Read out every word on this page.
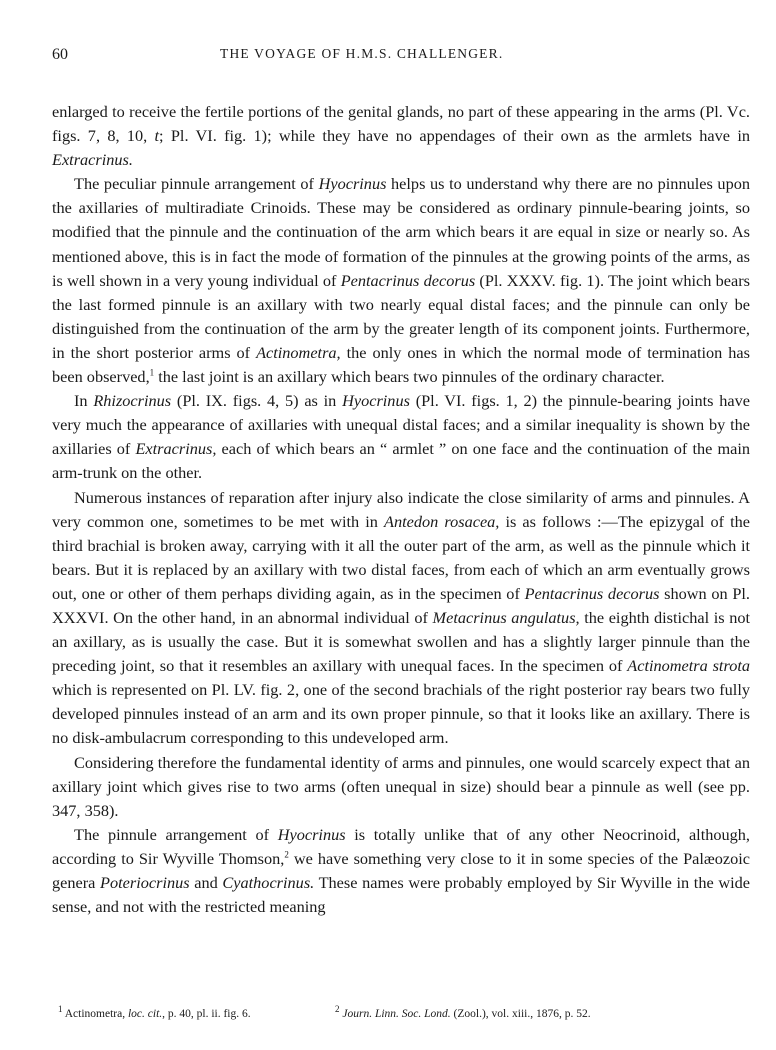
60	THE VOYAGE OF H.M.S. CHALLENGER.

enlarged to receive the fertile portions of the genital glands, no part of these appearing in the arms (Pl. Vc. figs. 7, 8, 10, t; Pl. VI. fig. 1); while they have no appendages of their own as the armlets have in Extracrinus.

The peculiar pinnule arrangement of Hyocrinus helps us to understand why there are no pinnules upon the axillaries of multiradiate Crinoids. These may be considered as ordinary pinnule-bearing joints, so modified that the pinnule and the continuation of the arm which bears it are equal in size or nearly so. As mentioned above, this is in fact the mode of formation of the pinnules at the growing points of the arms, as is well shown in a very young individual of Pentacrinus decorus (Pl. XXXV. fig. 1). The joint which bears the last formed pinnule is an axillary with two nearly equal distal faces; and the pinnule can only be distinguished from the continuation of the arm by the greater length of its component joints. Furthermore, in the short posterior arms of Actinometra, the only ones in which the normal mode of termination has been observed,$^1$ the last joint is an axillary which bears two pinnules of the ordinary character.

In Rhizocrinus (Pl. IX. figs. 4, 5) as in Hyocrinus (Pl. VI. figs. 1, 2) the pinnule-bearing joints have very much the appearance of axillaries with unequal distal faces; and a similar inequality is shown by the axillaries of Extracrinus, each of which bears an “ armlet ” on one face and the continuation of the main arm-trunk on the other.

Numerous instances of reparation after injury also indicate the close similarity of arms and pinnules. A very common one, sometimes to be met with in Antedon rosacea, is as follows :—The epizygal of the third brachial is broken away, carrying with it all the outer part of the arm, as well as the pinnule which it bears. But it is replaced by an axillary with two distal faces, from each of which an arm eventually grows out, one or other of them perhaps dividing again, as in the specimen of Pentacrinus decorus shown on Pl. XXXVI. On the other hand, in an abnormal individual of Metacrinus angulatus, the eighth distichal is not an axillary, as is usually the case. But it is somewhat swollen and has a slightly larger pinnule than the preceding joint, so that it resembles an axillary with unequal faces. In the specimen of Actinometra strota which is represented on Pl. LV. fig. 2, one of the second brachials of the right posterior ray bears two fully developed pinnules instead of an arm and its own proper pinnule, so that it looks like an axillary. There is no disk-ambulacrum corresponding to this undeveloped arm.

Considering therefore the fundamental identity of arms and pinnules, one would scarcely expect that an axillary joint which gives rise to two arms (often unequal in size) should bear a pinnule as well (see pp. 347, 358).

The pinnule arrangement of Hyocrinus is totally unlike that of any other Neocrinoid, although, according to Sir Wyville Thomson,$^2$ we have something very close to it in some species of the Palæozoic genera Poteriocrinus and Cyathocrinus. These names were probably employed by Sir Wyville in the wide sense, and not with the restricted meaning

$^1$ Actinometra, loc. cit., p. 40, pl. ii. fig. 6.	$^2$ Journ. Linn. Soc. Lond. (Zool.), vol. xiii., 1876, p. 52.
